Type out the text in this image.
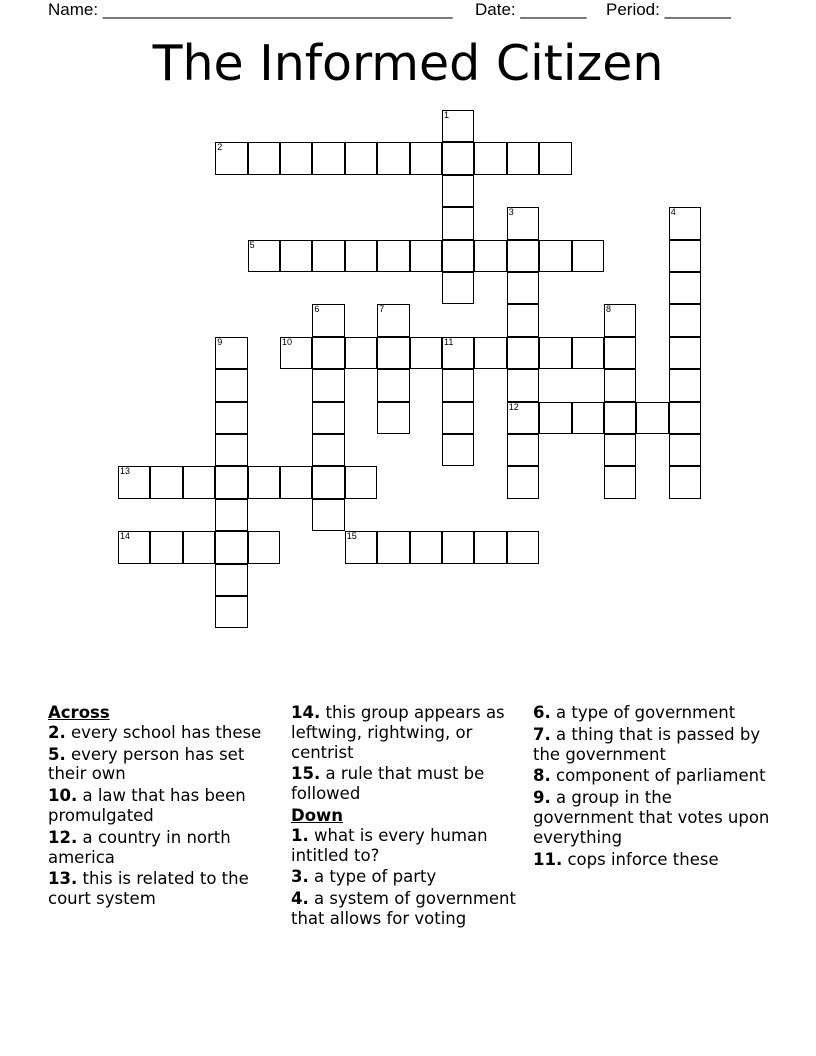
Name: _____________________________________ Date: _______ Period: _______
The Informed Citizen
1
2
3
12
4
5
6	7	8
9	10	11
13
14	15
Across
2. every school has these
5. every person has set their own
10. a law that has been promulgated
12. a country in north america
13. this is related to the court system
14. this group appears as leftwing, rightwing, or centrist
15. a rule that must be followed
Down
1. what is every human intitled to?
3. a type of party
4. a system of government that allows for voting
6. a type of government
7. a thing that is passed by the government
8. component of parliament
9. a group in the government that votes upon everything
11. cops inforce these
